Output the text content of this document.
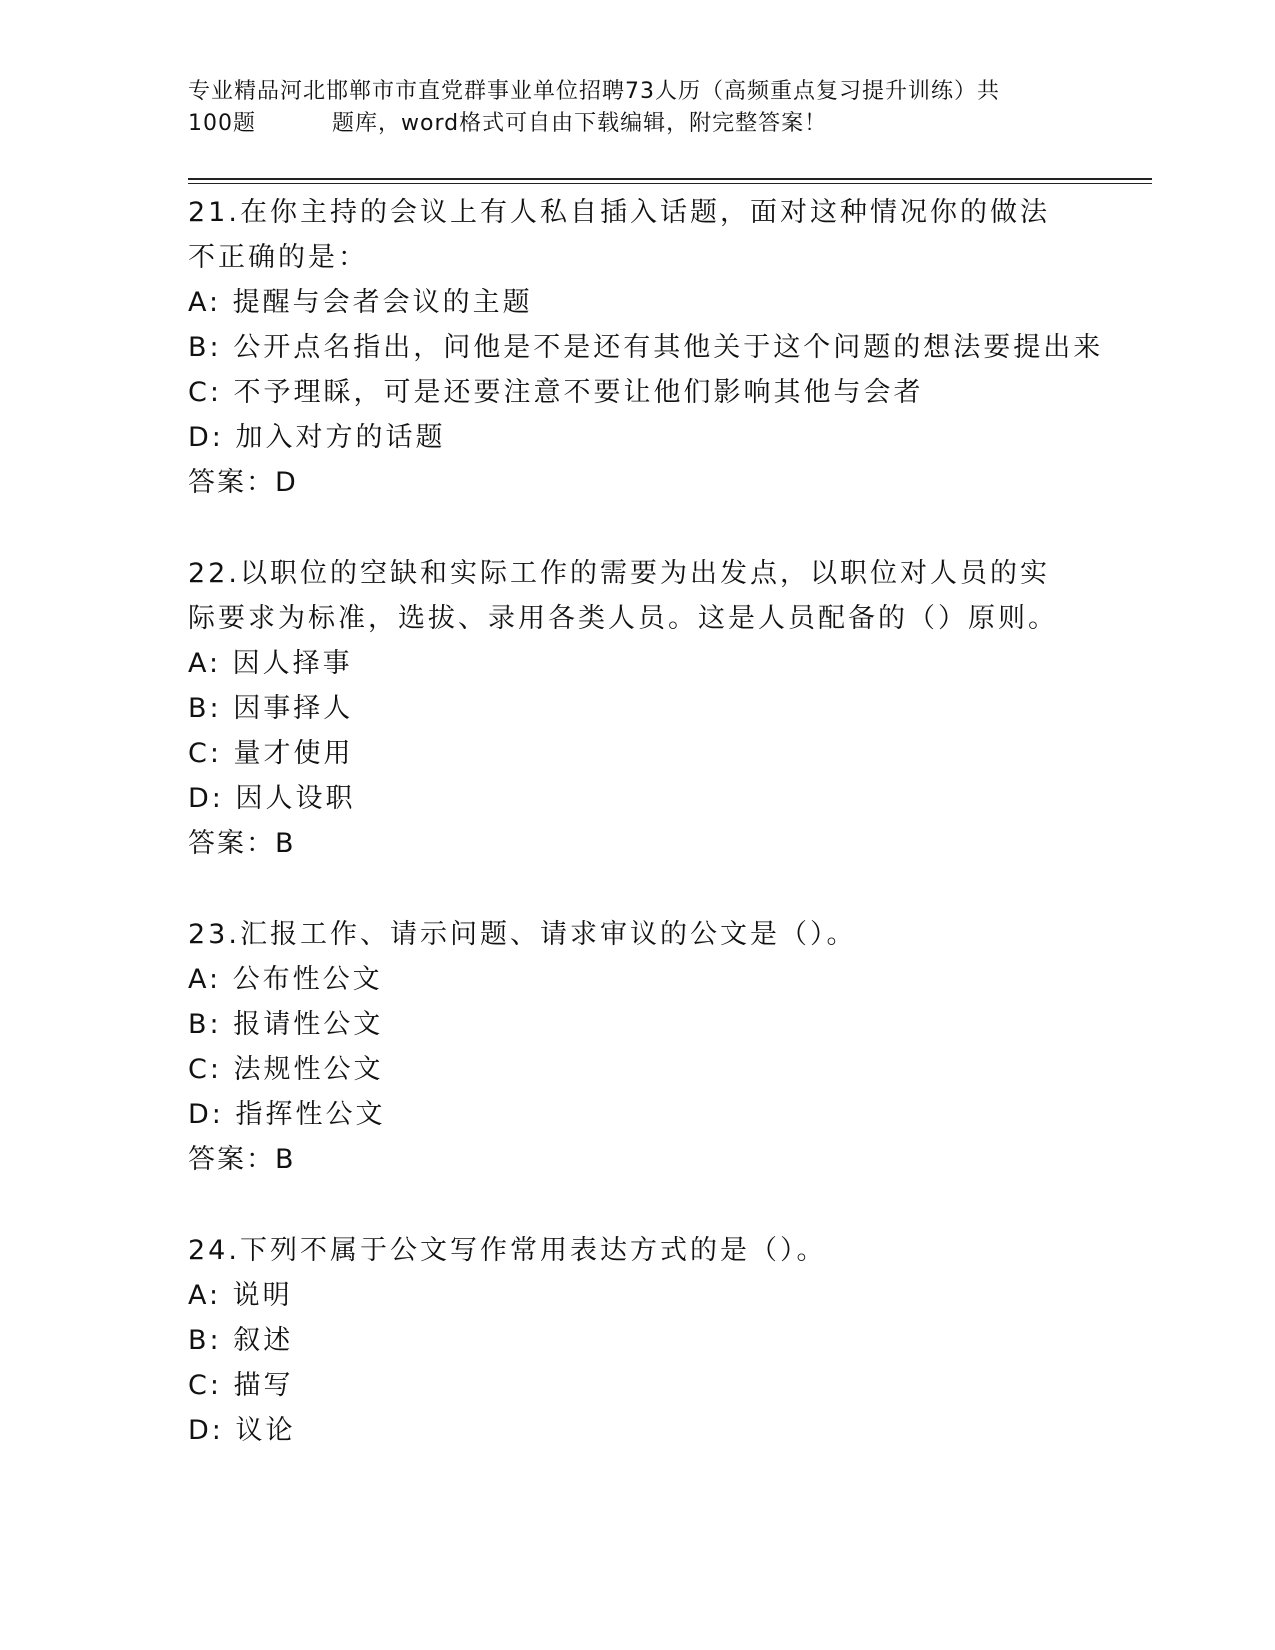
专业精品河北邯郸市市直党群事业单位招聘73人历（高频重点复习提升训练）共
100题	题库，word格式可自由下载编辑，附完整答案！
21.在你主持的会议上有人私自插入话题，面对这种情况你的做法不正确的是：
A: 提醒与会者会议的主题
B: 公开点名指出，问他是不是还有其他关于这个问题的想法要提出来
C: 不予理睬，可是还要注意不要让他们影响其他与会者
D: 加入对方的话题
答案：D
22.以职位的空缺和实际工作的需要为出发点，以职位对人员的实际要求为标准，选拔、录用各类人员。这是人员配备的（）原则。
A: 因人择事
B: 因事择人
C: 量才使用
D: 因人设职
答案：B
23.汇报工作、请示问题、请求审议的公文是（）。
A: 公布性公文
B: 报请性公文
C: 法规性公文
D: 指挥性公文
答案：B
24.下列不属于公文写作常用表达方式的是（）。
A: 说明
B: 叙述
C: 描写
D: 议论
